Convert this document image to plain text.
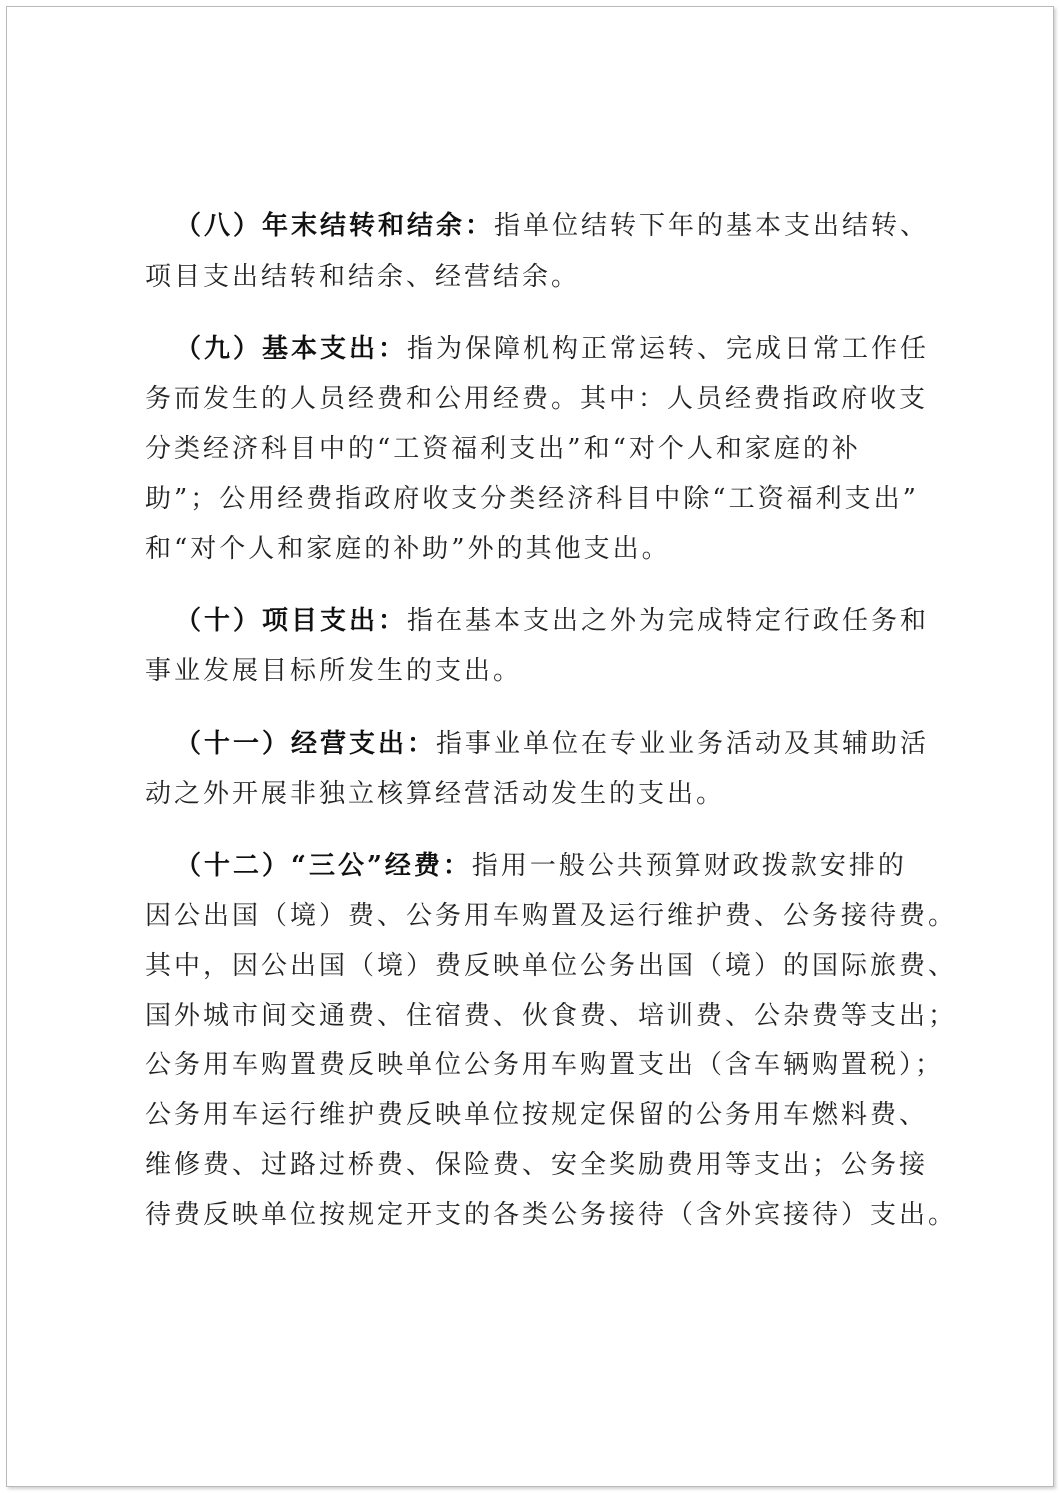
（八）年末结转和结余：指单位结转下年的基本支出结转、
项目支出结转和结余、经营结余。
（九）基本支出：指为保障机构正常运转、完成日常工作任
务而发生的人员经费和公用经费。其中：人员经费指政府收支
分类经济科目中的“工资福利支出”和“对个人和家庭的补
助”；公用经费指政府收支分类经济科目中除“工资福利支出”
和“对个人和家庭的补助”外的其他支出。
（十）项目支出：指在基本支出之外为完成特定行政任务和
事业发展目标所发生的支出。
（十一）经营支出：指事业单位在专业业务活动及其辅助活
动之外开展非独立核算经营活动发生的支出。
（十二）“三公”经费：指用一般公共预算财政拨款安排的
因公出国（境）费、公务用车购置及运行维护费、公务接待费。
其中，因公出国（境）费反映单位公务出国（境）的国际旅费、
国外城市间交通费、住宿费、伙食费、培训费、公杂费等支出；
公务用车购置费反映单位公务用车购置支出（含车辆购置税）；
公务用车运行维护费反映单位按规定保留的公务用车燃料费、
维修费、过路过桥费、保险费、安全奖励费用等支出；公务接
待费反映单位按规定开支的各类公务接待（含外宾接待）支出。
